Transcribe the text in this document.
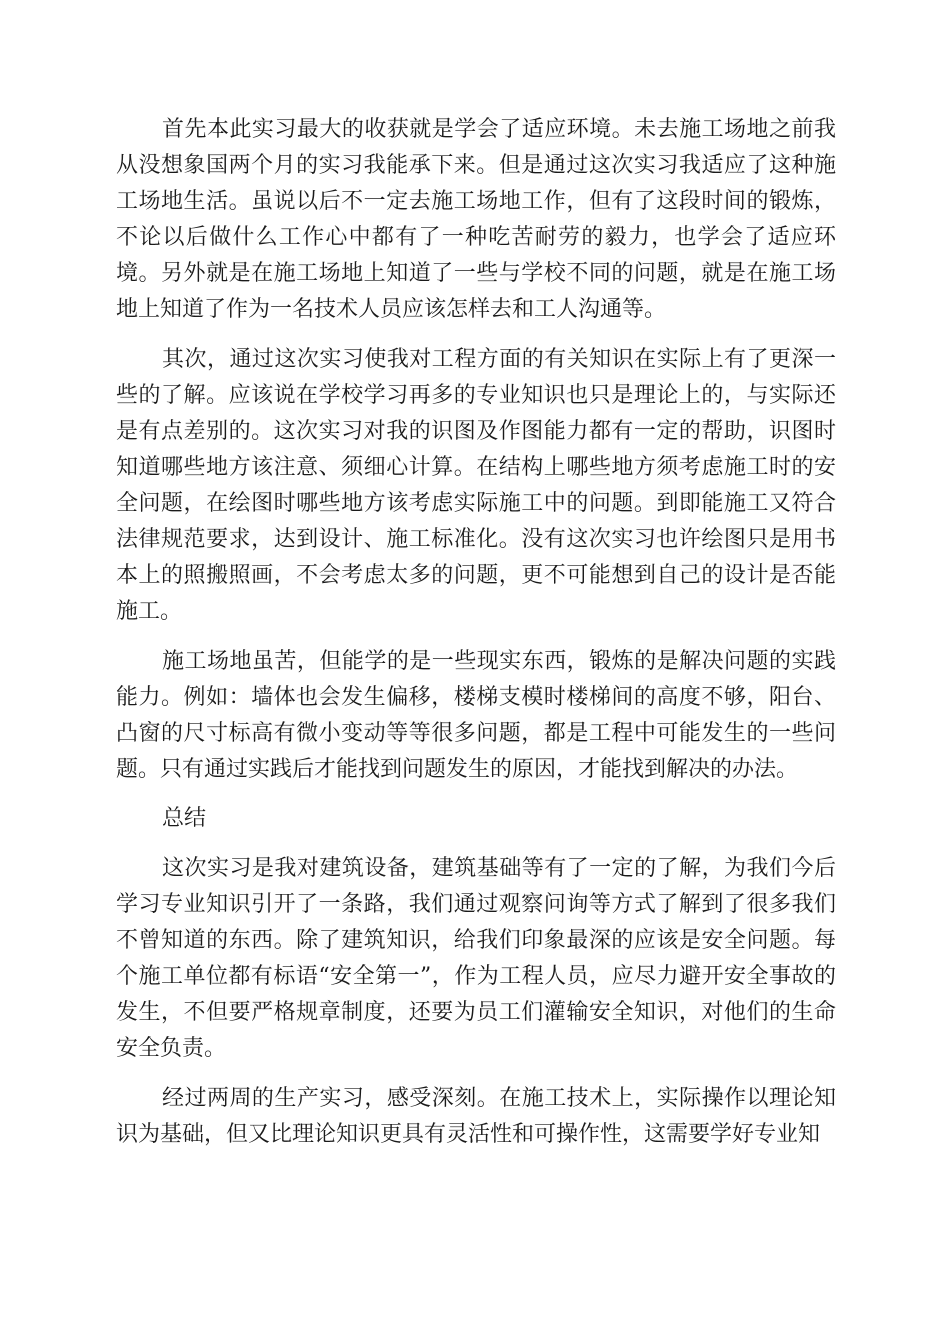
首先本此实习最大的收获就是学会了适应环境。未去施工场地之前我从没想象国两个月的实习我能承下来。但是通过这次实习我适应了这种施工场地生活。虽说以后不一定去施工场地工作，但有了这段时间的锻炼，不论以后做什么工作心中都有了一种吃苦耐劳的毅力，也学会了适应环境。另外就是在施工场地上知道了一些与学校不同的问题，就是在施工场地上知道了作为一名技术人员应该怎样去和工人沟通等。

其次，通过这次实习使我对工程方面的有关知识在实际上有了更深一些的了解。应该说在学校学习再多的专业知识也只是理论上的，与实际还是有点差别的。这次实习对我的识图及作图能力都有一定的帮助，识图时知道哪些地方该注意、须细心计算。在结构上哪些地方须考虑施工时的安全问题，在绘图时哪些地方该考虑实际施工中的问题。到即能施工又符合法律规范要求，达到设计、施工标准化。没有这次实习也许绘图只是用书本上的照搬照画，不会考虑太多的问题，更不可能想到自己的设计是否能施工。

施工场地虽苦，但能学的是一些现实东西，锻炼的是解决问题的实践能力。例如：墙体也会发生偏移，楼梯支模时楼梯间的高度不够，阳台、凸窗的尺寸标高有微小变动等等很多问题，都是工程中可能发生的一些问题。只有通过实践后才能找到问题发生的原因，才能找到解决的办法。

总结

这次实习是我对建筑设备，建筑基础等有了一定的了解，为我们今后学习专业知识引开了一条路，我们通过观察问询等方式了解到了很多我们不曾知道的东西。除了建筑知识，给我们印象最深的应该是安全问题。每个施工单位都有标语“安全第一”，作为工程人员，应尽力避开安全事故的发生，不但要严格规章制度，还要为员工们灌输安全知识，对他们的生命安全负责。

经过两周的生产实习，感受深刻。在施工技术上，实际操作以理论知识为基础，但又比理论知识更具有灵活性和可操作性，这需要学好专业知
